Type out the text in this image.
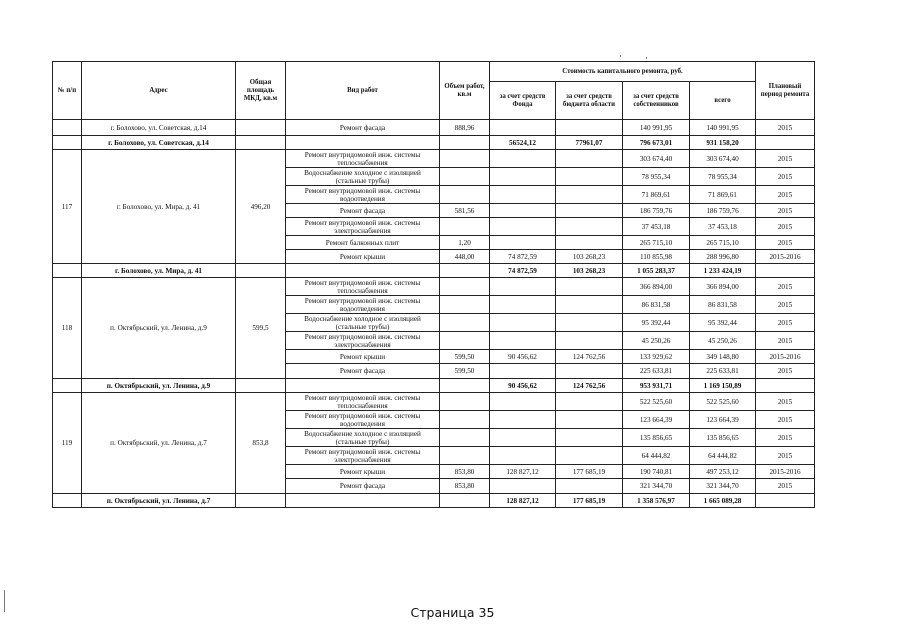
№ п/п	Адрес	Общая площадь МКД, кв.м	Вид работ	Объем работ, кв.м	Стоимость капитального ремонта, руб.				Плановый период ремонта
					за счет средств Фонда	за счет средств бюджета области	за счет средств собственников	всего	
	г. Болохово, ул. Советская, д.14		Ремонт фасада	888,96			140 991,95	140 991,95	2015
	г. Болохово, ул. Советская, д.14				56524,12	77961,07	796 673,01	931 158,20	
117	г. Болохово, ул. Мира, д. 41	496,20	Ремонт внутридомовой инж. системы теплоснабжения				303 674,40	303 674,40	2015
			Водоснабжение холодное с изоляцией (стальные трубы)				78 955,34	78 955,34	2015
			Ремонт внутридомовой инж. системы водоотведения				71 869,61	71 869,61	2015
			Ремонт фасада	581,56			186 759,76	186 759,76	2015
			Ремонт внутридомовой инж. системы электроснабжения				37 453,18	37 453,18	2015
			Ремонт балконных плит	1,20			265 715,10	265 715,10	2015
			Ремонт крыши	448,00	74 872,59	103 268,23	110 855,98	288 996,80	2015-2016
	г. Болохово, ул. Мира, д. 41				74 872,59	103 268,23	1 055 283,37	1 233 424,19	
118	п. Октябрьский, ул. Ленина, д.9	599,5	Ремонт внутридомовой инж. системы теплоснабжения				366 894,00	366 894,00	2015
			Ремонт внутридомовой инж. системы водоотведения				86 831,58	86 831,58	2015
			Водоснабжение холодное с изоляцией (стальные трубы)				95 392,44	95 392,44	2015
			Ремонт внутридомовой инж. системы электроснабжения				45 250,26	45 250,26	2015
			Ремонт крыши	599,50	90 456,62	124 762,56	133 929,62	349 148,80	2015-2016
			Ремонт фасада	599,50			225 633,81	225 633,81	2015
	п. Октябрьский, ул. Ленина, д.9				90 456,62	124 762,56	953 931,71	1 169 150,89	
119	п. Октябрьский, ул. Ленина, д.7	853,8	Ремонт внутридомовой инж. системы теплоснабжения				522 525,60	522 525,60	2015
			Ремонт внутридомовой инж. системы водоотведения				123 664,39	123 664,39	2015
			Водоснабжение холодное с изоляцией (стальные трубы)				135 856,65	135 856,65	2015
			Ремонт внутридомовой инж. системы электроснабжения				64 444,82	64 444,82	2015
			Ремонт крыши	853,80	128 827,12	177 685,19	190 740,81	497 253,12	2015-2016
			Ремонт фасада	853,80			321 344,70	321 344,70	2015
	п. Октябрьский, ул. Ленина, д.7				128 827,12	177 685,19	1 358 576,97	1 665 089,28	
Страница 35
